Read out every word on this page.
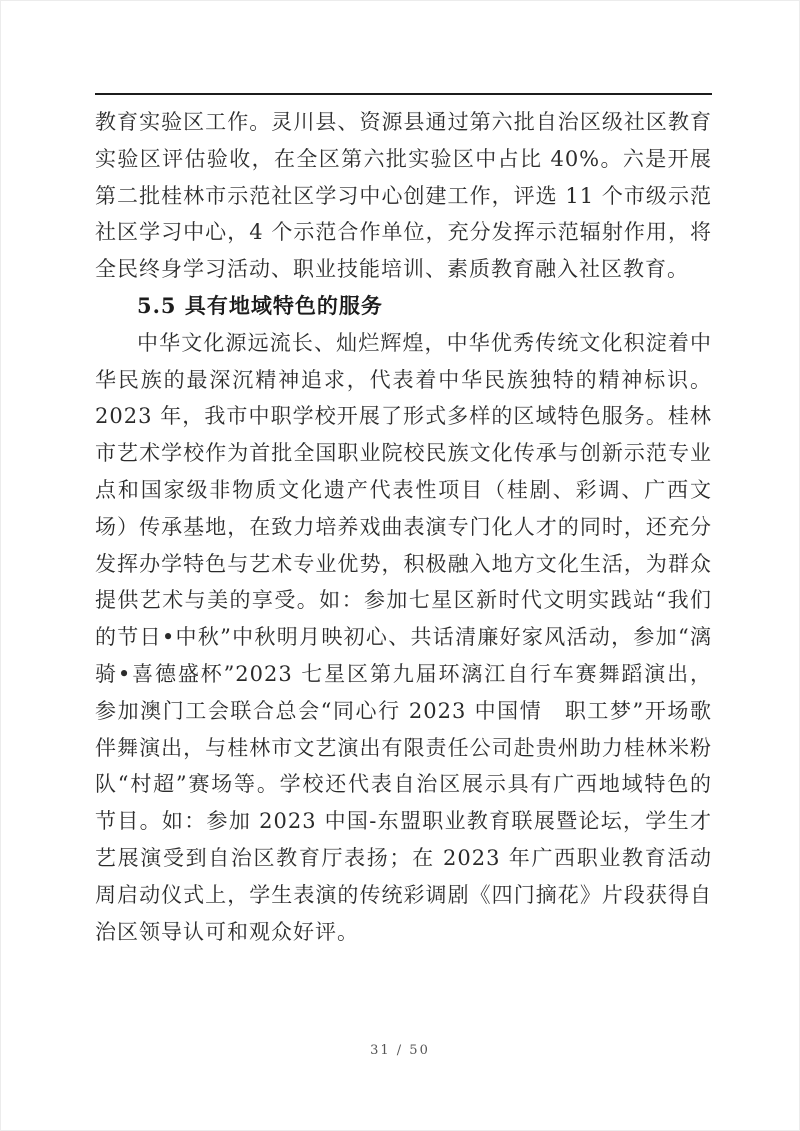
教育实验区工作。灵川县、资源县通过第六批自治区级社区教育实验区评估验收，在全区第六批实验区中占比 40%。六是开展第二批桂林市示范社区学习中心创建工作，评选 11 个市级示范社区学习中心，4 个示范合作单位，充分发挥示范辐射作用，将全民终身学习活动、职业技能培训、素质教育融入社区教育。

5.5 具有地域特色的服务

中华文化源远流长、灿烂辉煌，中华优秀传统文化积淀着中华民族的最深沉精神追求，代表着中华民族独特的精神标识。2023 年，我市中职学校开展了形式多样的区域特色服务。桂林市艺术学校作为首批全国职业院校民族文化传承与创新示范专业点和国家级非物质文化遗产代表性项目（桂剧、彩调、广西文场）传承基地，在致力培养戏曲表演专门化人才的同时，还充分发挥办学特色与艺术专业优势，积极融入地方文化生活，为群众提供艺术与美的享受。如：参加七星区新时代文明实践站“我们的节日•中秋”中秋明月映初心、共话清廉好家风活动，参加“漓骑•喜德盛杯”2023 七星区第九届环漓江自行车赛舞蹈演出，参加澳门工会联合总会“同心行 2023 中国情　职工梦”开场歌伴舞演出，与桂林市文艺演出有限责任公司赴贵州助力桂林米粉队“村超”赛场等。学校还代表自治区展示具有广西地域特色的节目。如：参加 2023 中国-东盟职业教育联展暨论坛，学生才艺展演受到自治区教育厅表扬；在 2023 年广西职业教育活动周启动仪式上，学生表演的传统彩调剧《四门摘花》片段获得自治区领导认可和观众好评。

31 / 50
